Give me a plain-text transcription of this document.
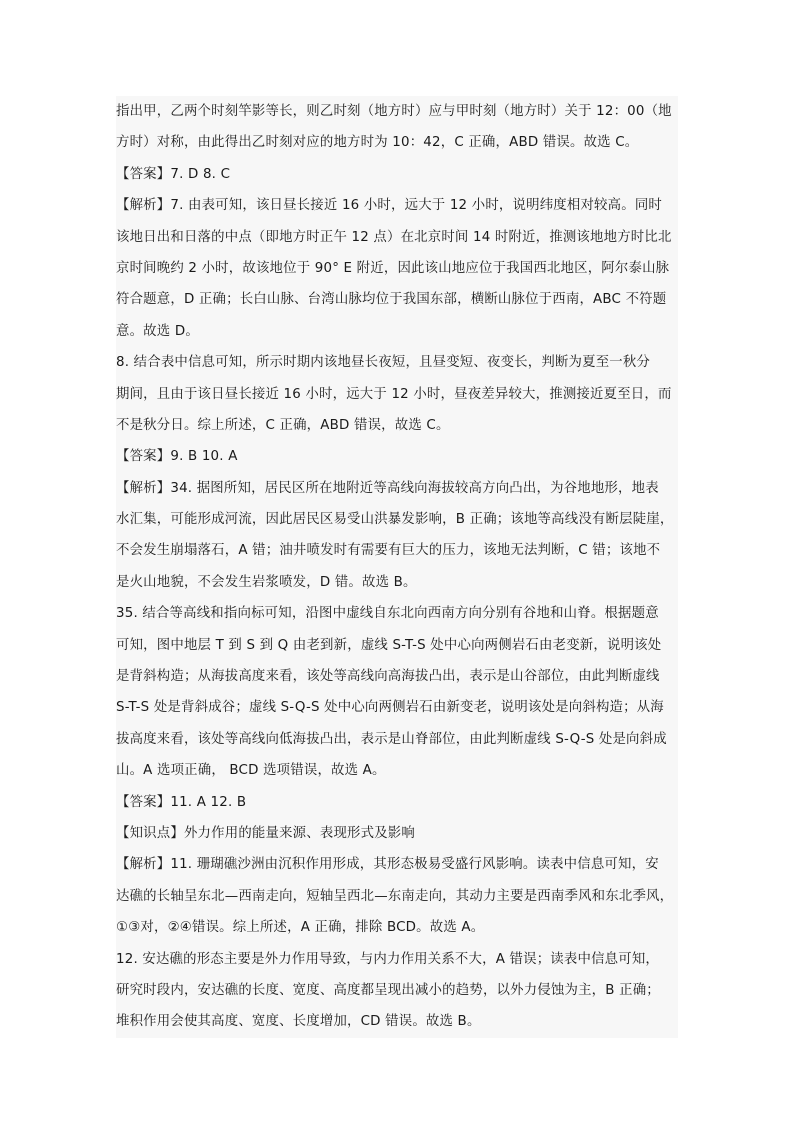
指出甲，乙两个时刻竿影等长，则乙时刻（地方时）应与甲时刻（地方时）关于 12：00（地
方时）对称，由此得出乙时刻对应的地方时为 10：42，C 正确，ABD 错误。故选 C。
【答案】7. D 8. C
【解析】7. 由表可知，该日昼长接近 16 小时，远大于 12 小时，说明纬度相对较高。同时
该地日出和日落的中点（即地方时正午 12 点）在北京时间 14 时附近，推测该地地方时比北
京时间晚约 2 小时，故该地位于 90° E 附近，因此该山地应位于我国西北地区，阿尔泰山脉
符合题意，D 正确；长白山脉、台湾山脉均位于我国东部，横断山脉位于西南，ABC 不符题
意。故选 D。
8. 结合表中信息可知，所示时期内该地昼长夜短，且昼变短、夜变长，判断为夏至一秋分
期间，且由于该日昼长接近 16 小时，远大于 12 小时，昼夜差异较大，推测接近夏至日，而
不是秋分日。综上所述，C 正确，ABD 错误，故选 C。
【答案】9. B 10. A
【解析】34. 据图所知，居民区所在地附近等高线向海拔较高方向凸出，为谷地地形，地表
水汇集，可能形成河流，因此居民区易受山洪暴发影响，B 正确；该地等高线没有断层陡崖，
不会发生崩塌落石，A 错；油井喷发时有需要有巨大的压力，该地无法判断，C 错；该地不
是火山地貌，不会发生岩浆喷发，D 错。故选 B。
35. 结合等高线和指向标可知，沿图中虚线自东北向西南方向分别有谷地和山脊。根据题意
可知，图中地层 T 到 S 到 Q 由老到新，虚线 S-T-S 处中心向两侧岩石由老变新，说明该处
是背斜构造；从海拔高度来看，该处等高线向高海拔凸出，表示是山谷部位，由此判断虚线
S-T-S 处是背斜成谷；虚线 S-Q-S 处中心向两侧岩石由新变老，说明该处是向斜构造；从海
拔高度来看，该处等高线向低海拔凸出，表示是山脊部位，由此判断虚线 S-Q-S 处是向斜成
山。A 选项正确， BCD 选项错误，故选 A。
【答案】11. A 12. B
【知识点】外力作用的能量来源、表现形式及影响
【解析】11. 珊瑚礁沙洲由沉积作用形成，其形态极易受盛行风影响。读表中信息可知，安
达礁的长轴呈东北—西南走向，短轴呈西北—东南走向，其动力主要是西南季风和东北季风，
①③对，②④错误。综上所述，A 正确，排除 BCD。故选 A。
12. 安达礁的形态主要是外力作用导致，与内力作用关系不大，A 错误；读表中信息可知，
研究时段内，安达礁的长度、宽度、高度都呈现出减小的趋势，以外力侵蚀为主，B 正确；
堆积作用会使其高度、宽度、长度增加，CD 错误。故选 B。
